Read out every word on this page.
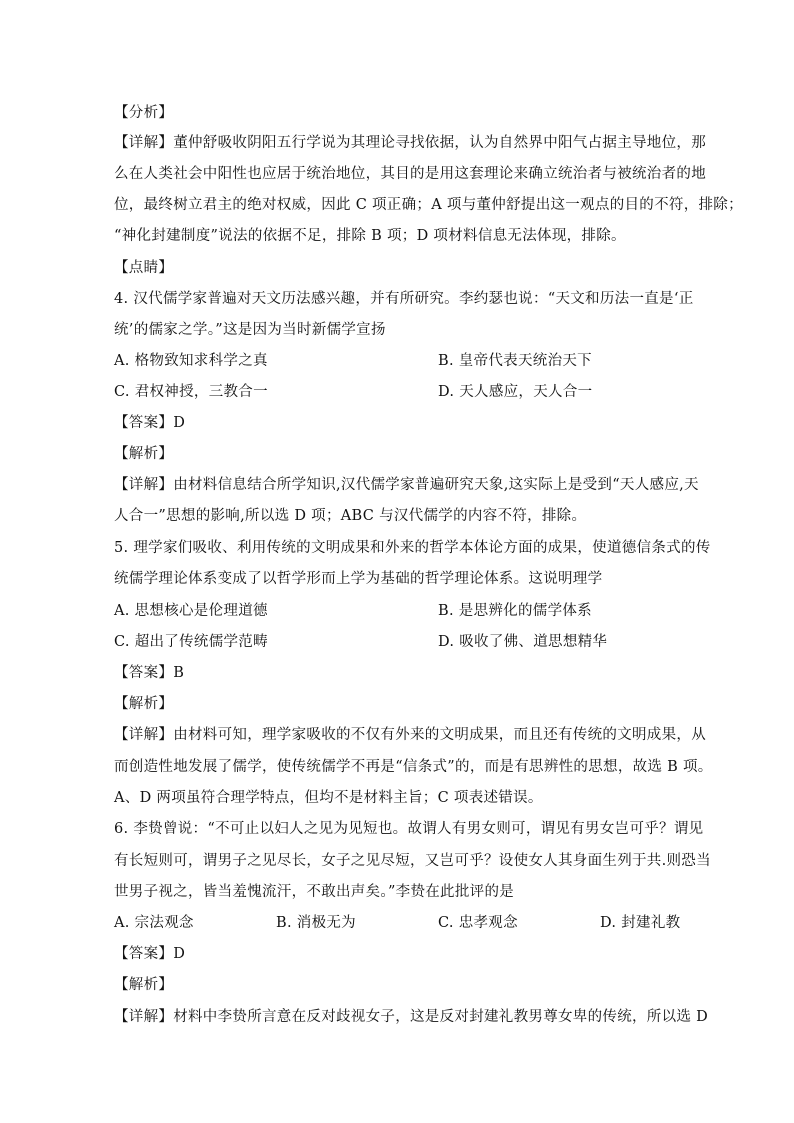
【分析】
【详解】董仲舒吸收阴阳五行学说为其理论寻找依据，认为自然界中阳气占据主导地位，那
么在人类社会中阳性也应居于统治地位，其目的是用这套理论来确立统治者与被统治者的地
位，最终树立君主的绝对权威，因此 C 项正确；A 项与董仲舒提出这一观点的目的不符，排除；
“神化封建制度”说法的依据不足，排除 B 项；D 项材料信息无法体现，排除。
【点睛】
4. 汉代儒学家普遍对天文历法感兴趣，并有所研究。李约瑟也说：“天文和历法一直是‘正
统’的儒家之学。”这是因为当时新儒学宣扬
A. 格物致知求科学之真	B. 皇帝代表天统治天下
C. 君权神授，三教合一	D. 天人感应，天人合一
【答案】D
【解析】
【详解】由材料信息结合所学知识,汉代儒学家普遍研究天象,这实际上是受到“天人感应,天
人合一”思想的影响,所以选 D 项；ABC 与汉代儒学的内容不符，排除。
5. 理学家们吸收、利用传统的文明成果和外来的哲学本体论方面的成果，使道德信条式的传
统儒学理论体系变成了以哲学形而上学为基础的哲学理论体系。这说明理学
A. 思想核心是伦理道德	B. 是思辨化的儒学体系
C. 超出了传统儒学范畴	D. 吸收了佛、道思想精华
【答案】B
【解析】
【详解】由材料可知，理学家吸收的不仅有外来的文明成果，而且还有传统的文明成果，从
而创造性地发展了儒学，使传统儒学不再是“信条式”的，而是有思辨性的思想，故选 B 项。
A、D 两项虽符合理学特点，但均不是材料主旨；C 项表述错误。
6. 李贽曾说：“不可止以妇人之见为见短也。故谓人有男女则可，谓见有男女岂可乎？谓见
有长短则可，谓男子之见尽长，女子之见尽短，又岂可乎？设使女人其身面生列于共.则恐当
世男子视之，皆当羞愧流汗，不敢出声矣。”李贽在此批评的是
A. 宗法观念	B. 消极无为	C. 忠孝观念	D. 封建礼教
【答案】D
【解析】
【详解】材料中李贽所言意在反对歧视女子，这是反对封建礼教男尊女卑的传统，所以选 D
